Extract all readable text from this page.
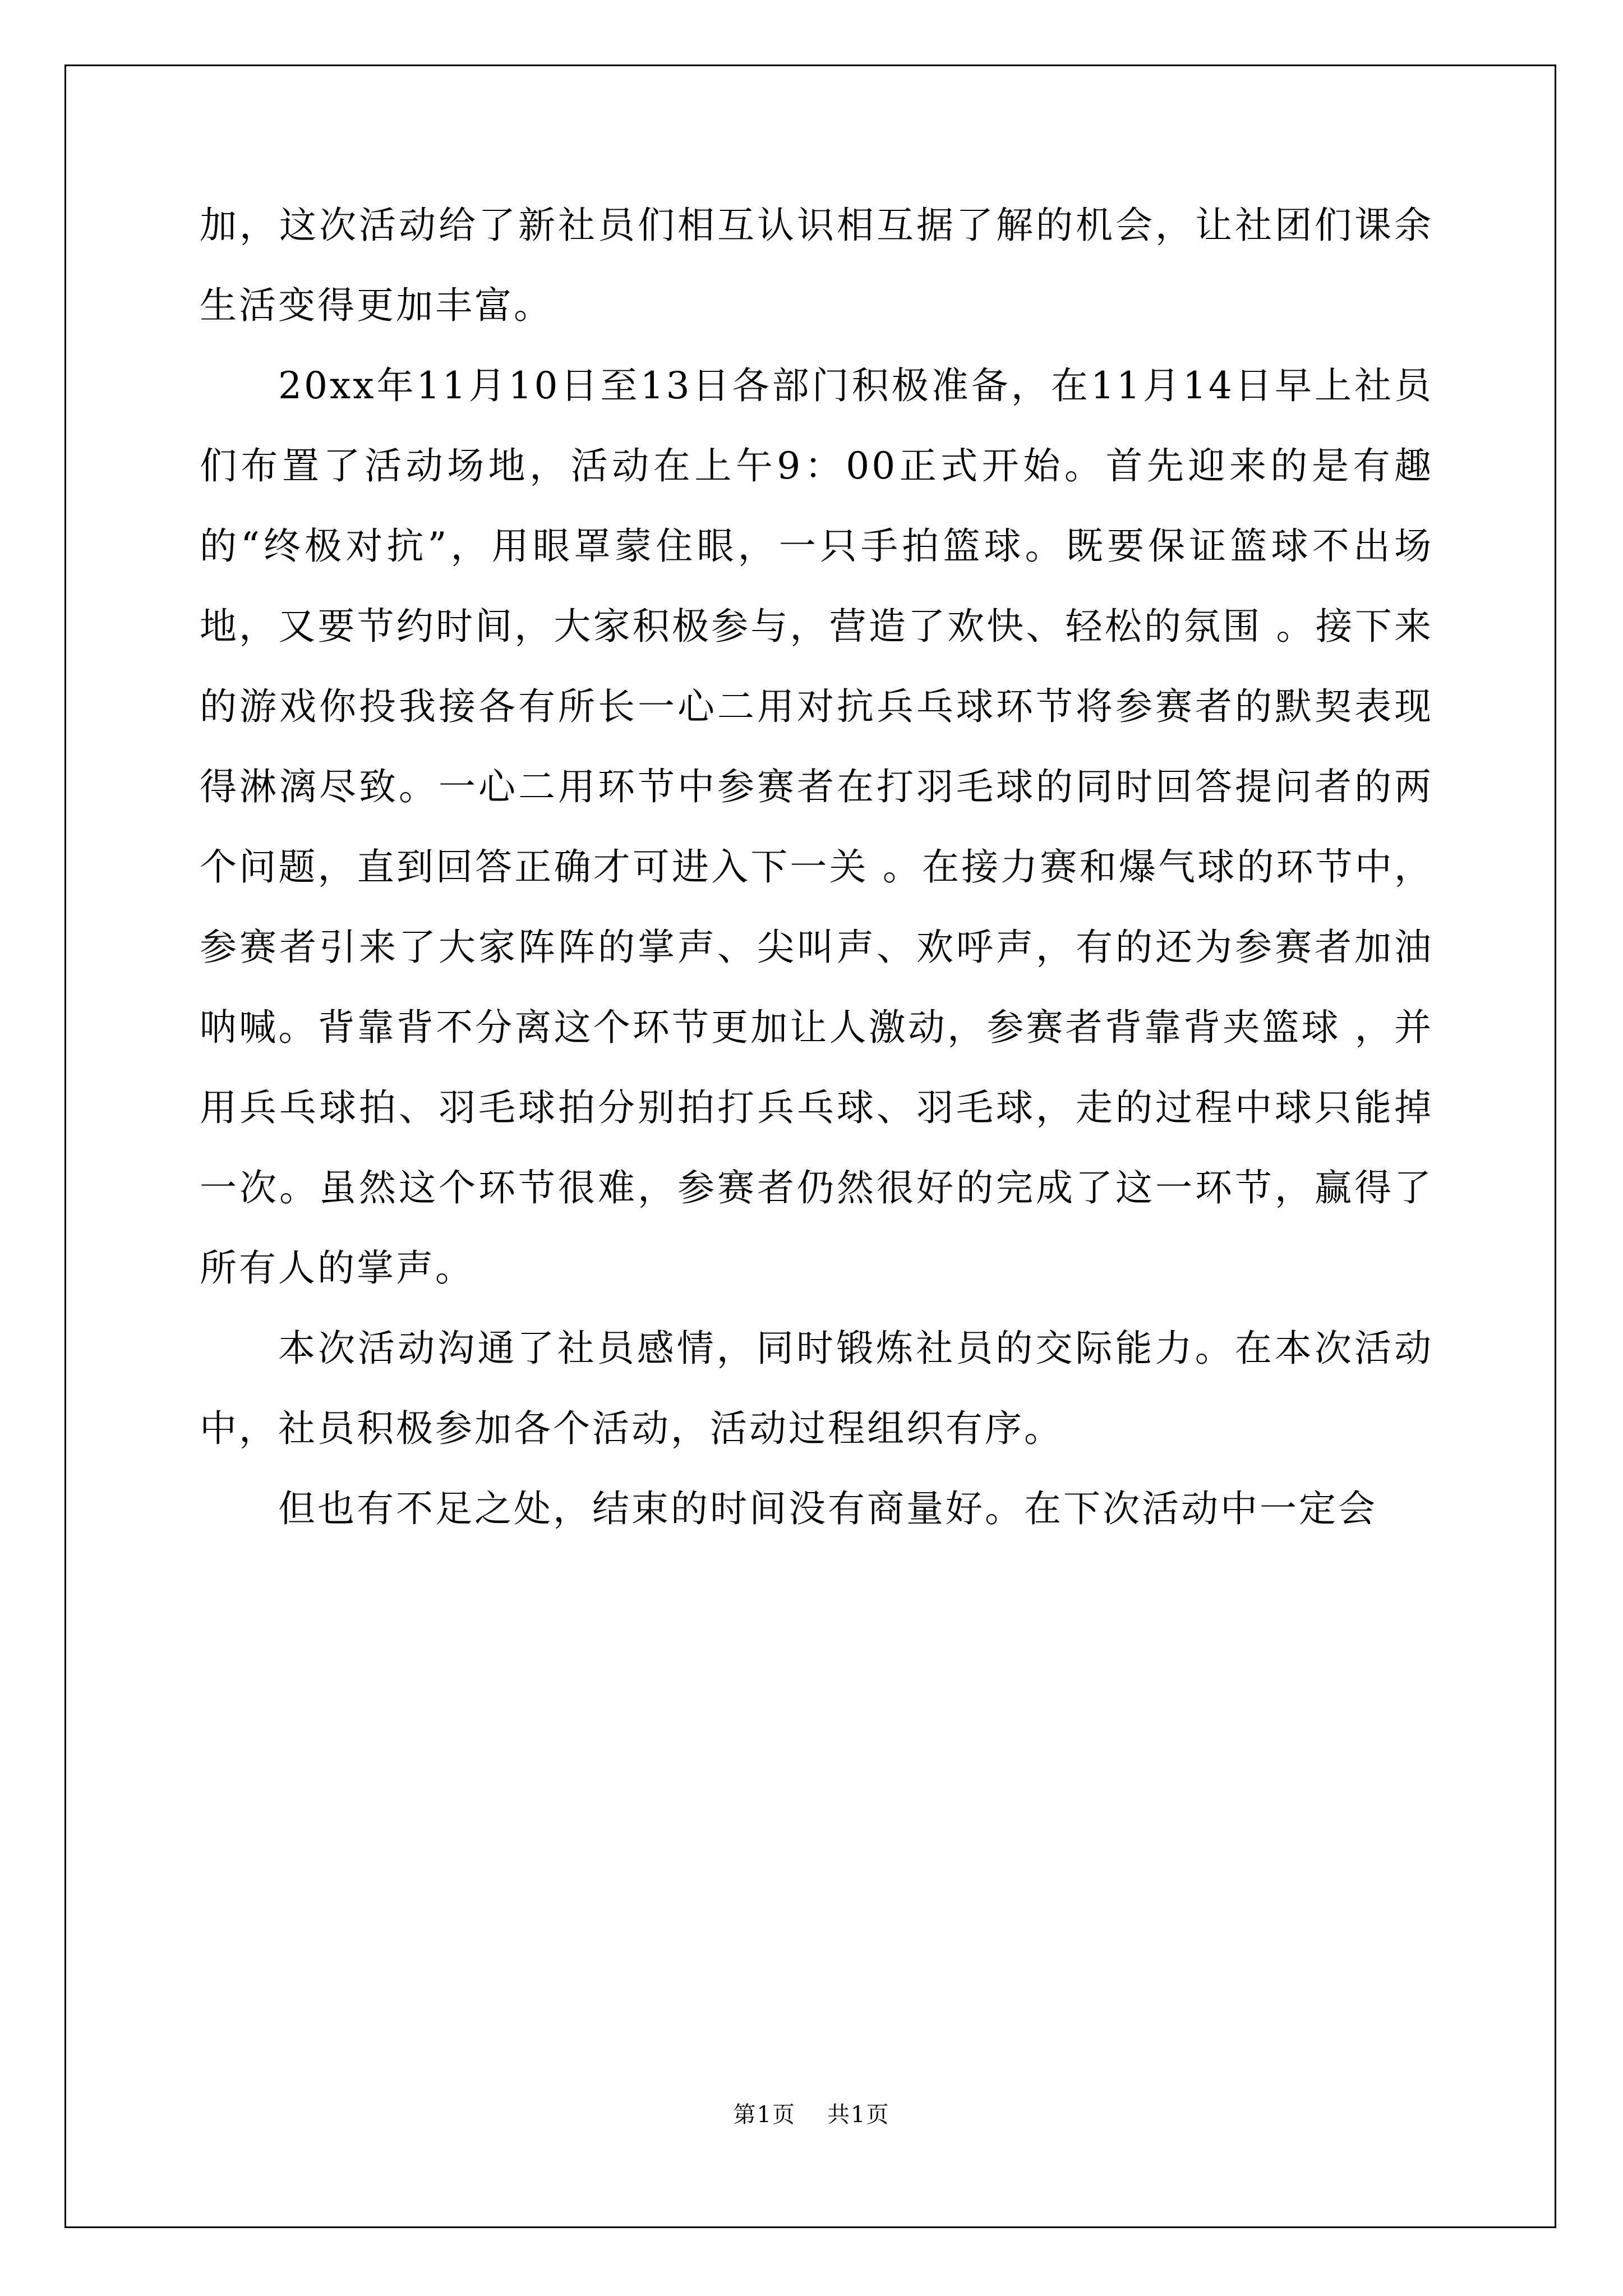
加，这次活动给了新社员们相互认识相互据了解的机会，让社团们课余生活变得更加丰富。

20xx年11月10日至13日各部门积极准备，在11月14日早上社员们布置了活动场地，活动在上午9：00正式开始。首先迎来的是有趣的“终极对抗”，用眼罩蒙住眼，一只手拍篮球。既要保证篮球不出场地，又要节约时间，大家积极参与，营造了欢快、轻松的氛围 。接下来的游戏你投我接各有所长一心二用对抗兵乓球环节将参赛者的默契表现得淋漓尽致。一心二用环节中参赛者在打羽毛球的同时回答提问者的两个问题，直到回答正确才可进入下一关 。在接力赛和爆气球的环节中，参赛者引来了大家阵阵的掌声、尖叫声、欢呼声，有的还为参赛者加油呐喊。背靠背不分离这个环节更加让人激动，参赛者背靠背夹篮球 ，并用兵乓球拍、羽毛球拍分别拍打兵乓球、羽毛球，走的过程中球只能掉一次。虽然这个环节很难，参赛者仍然很好的完成了这一环节，赢得了所有人的掌声。

本次活动沟通了社员感情，同时锻炼社员的交际能力。在本次活动中，社员积极参加各个活动，活动过程组织有序。

但也有不足之处，结束的时间没有商量好。在下次活动中一定会

第1页 共1页
